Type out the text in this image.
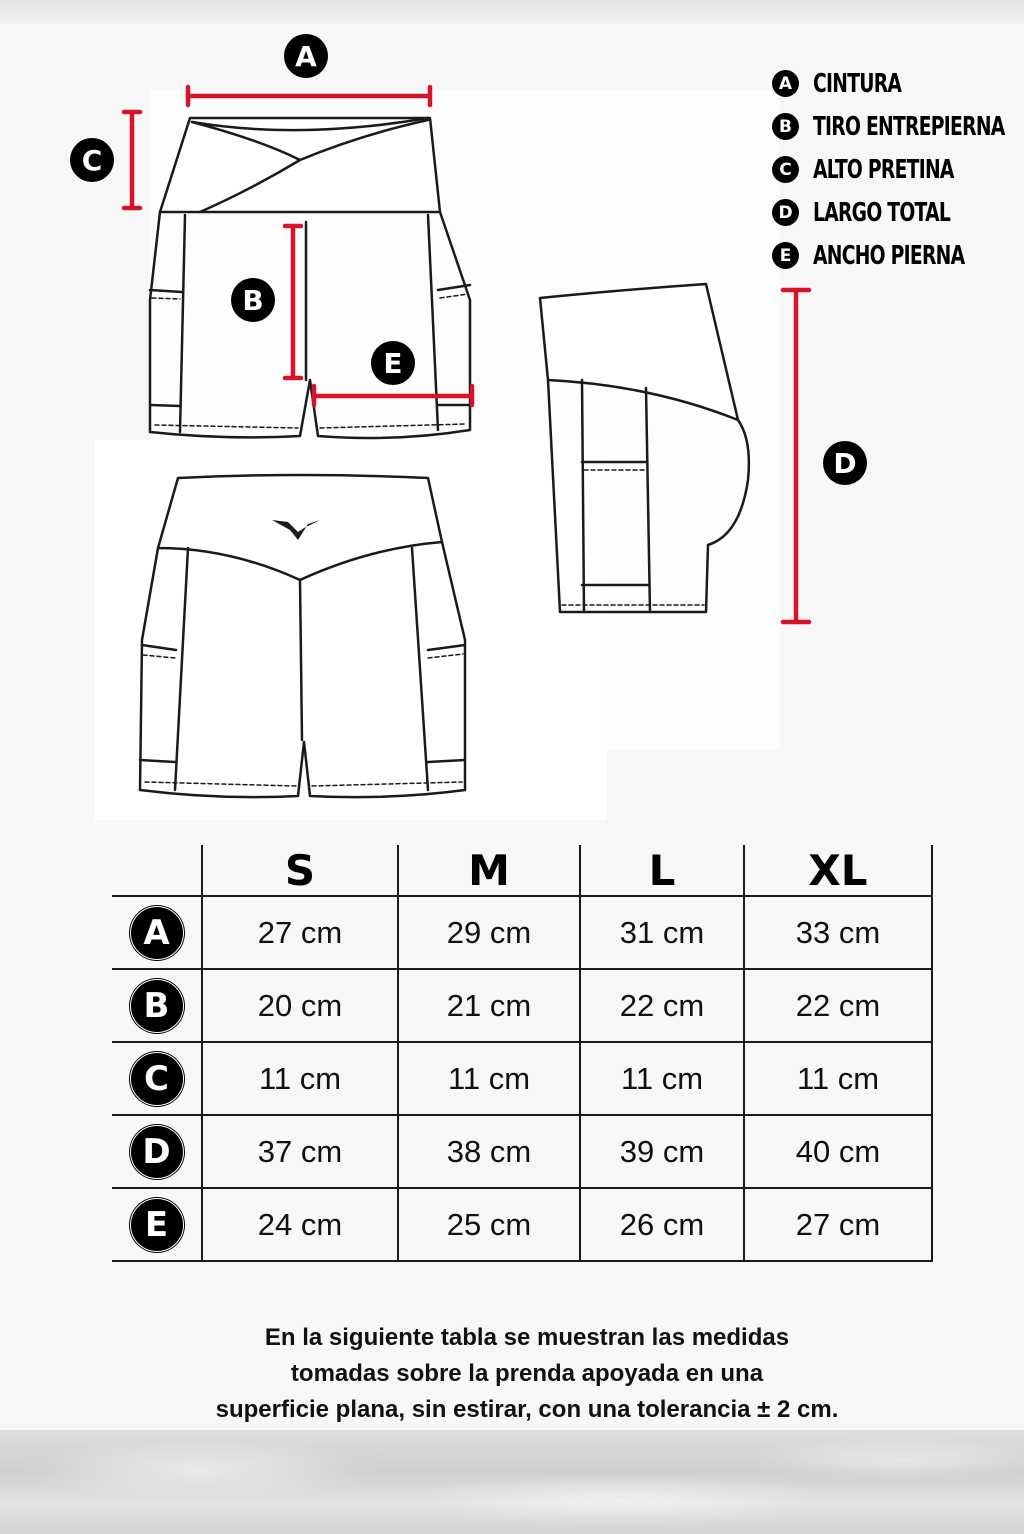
A
C
B
E
D
A CINTURA
B TIRO ENTREPIERNA
C ALTO PRETINA
D LARGO TOTAL
E ANCHO PIERNA
	S	M	L	XL
A	27 cm	29 cm	31 cm	33 cm
B	20 cm	21 cm	22 cm	22 cm
C	11 cm	11 cm	11 cm	11 cm
D	37 cm	38 cm	39 cm	40 cm
E	24 cm	25 cm	26 cm	27 cm
En la siguiente tabla se muestran las medidas
tomadas sobre la prenda apoyada en una
superficie plana, sin estirar, con una tolerancia ± 2 cm.
